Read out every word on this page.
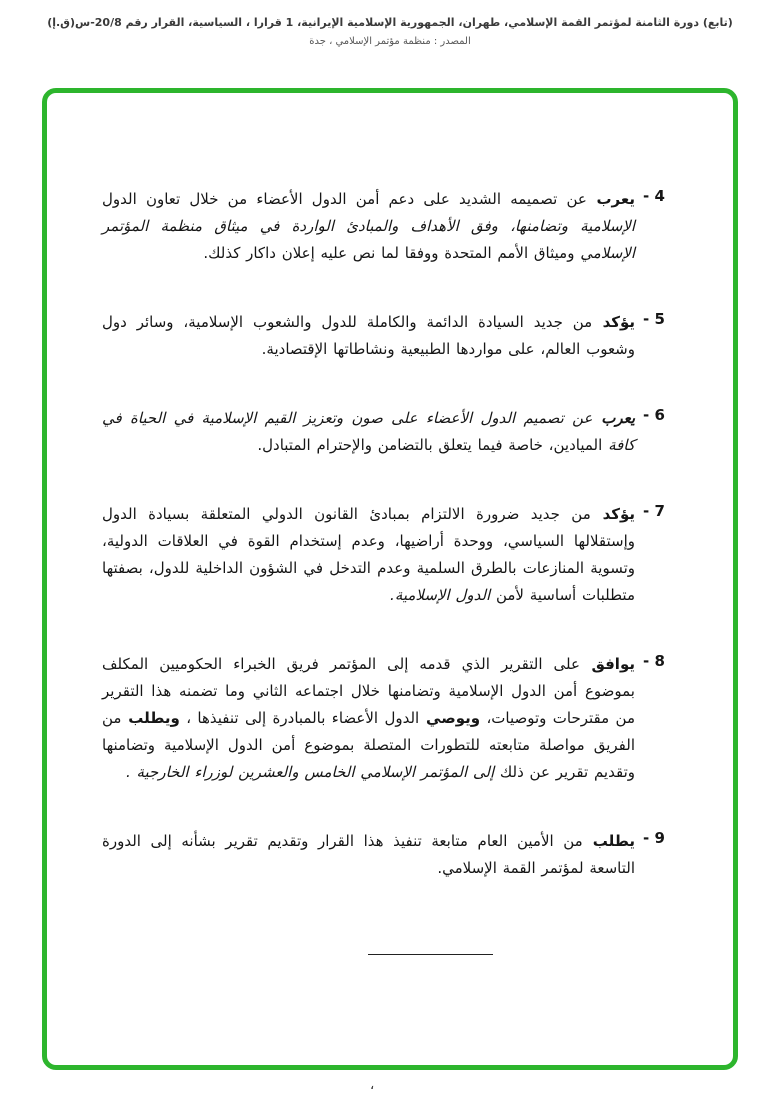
(تابع) دورة الثامنة لمؤتمر القمة الإسلامي، طهران، الجمهورية الإسلامية الإيرانية، 1 قرارا ، السياسية، القرار رقم 20/8-س(ق.إ)
المصدر : منظمة مؤتمر الإسلامي ، جدة
- 4
يعرب عن تصميمه الشديد على دعم أمن الدول الأعضاء من خلال تعاون الدول الإسلامية وتضامنها، وفق الأهداف والمبادئ الواردة في ميثاق منظمة المؤتمر الإسلامي وميثاق الأمم المتحدة ووفقا لما نص عليه إعلان داكار كذلك.
- 5
يؤكد من جديد السيادة الدائمة والكاملة للدول والشعوب الإسلامية، وسائر دول وشعوب العالم، على مواردها الطبيعية ونشاطاتها الإقتصادية.
- 6
يعرب عن تصميم الدول الأعضاء على صون وتعزيز القيم الإسلامية في الحياة في كافة الميادين، خاصة فيما يتعلق بالتضامن والإحترام المتبادل.
- 7
يؤكد من جديد ضرورة الالتزام بمبادئ القانون الدولي المتعلقة بسيادة الدول وإستقلالها السياسي، ووحدة أراضيها، وعدم إستخدام القوة في العلاقات الدولية، وتسوية المنازعات بالطرق السلمية وعدم التدخل في الشؤون الداخلية للدول، بصفتها متطلبات أساسية لأمن الدول الإسلامية.
- 8
يوافق على التقرير الذي قدمه إلى المؤتمر فريق الخبراء الحكوميين المكلف بموضوع أمن الدول الإسلامية وتضامنها خلال اجتماعه الثاني وما تضمنه هذا التقرير من مقترحات وتوصيات، ويوصي الدول الأعضاء بالمبادرة إلى تنفيذها ، ويطلب من الفريق مواصلة متابعته للتطورات المتصلة بموضوع أمن الدول الإسلامية وتضامنها وتقديم تقرير عن ذلك إلى المؤتمر الإسلامي الخامس والعشرين لوزراء الخارجية .
- 9
يطلب من الأمين العام متابعة تنفيذ هذا القرار وتقديم تقرير بشأنه إلى الدورة التاسعة لمؤتمر القمة الإسلامي.
،
